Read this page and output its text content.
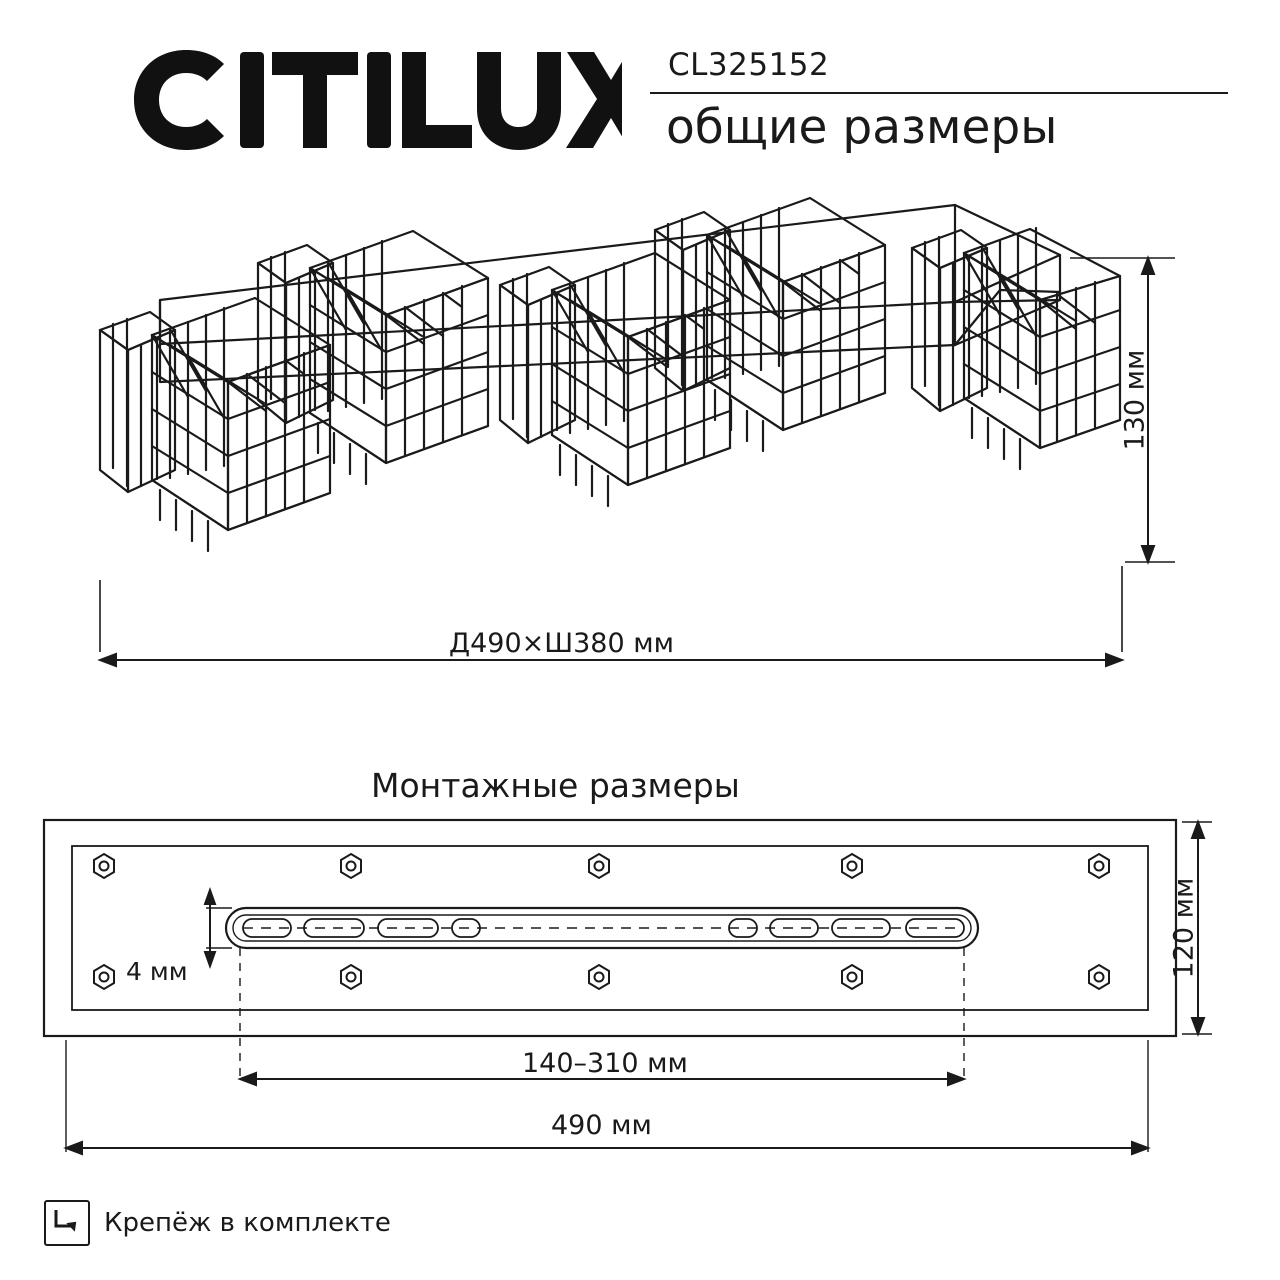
CL325152
общие размеры
130 мм
Д490×Ш380 мм
Монтажные размеры
4 мм	120 мм
140–310 мм
490 мм
Крепёж в комплекте
